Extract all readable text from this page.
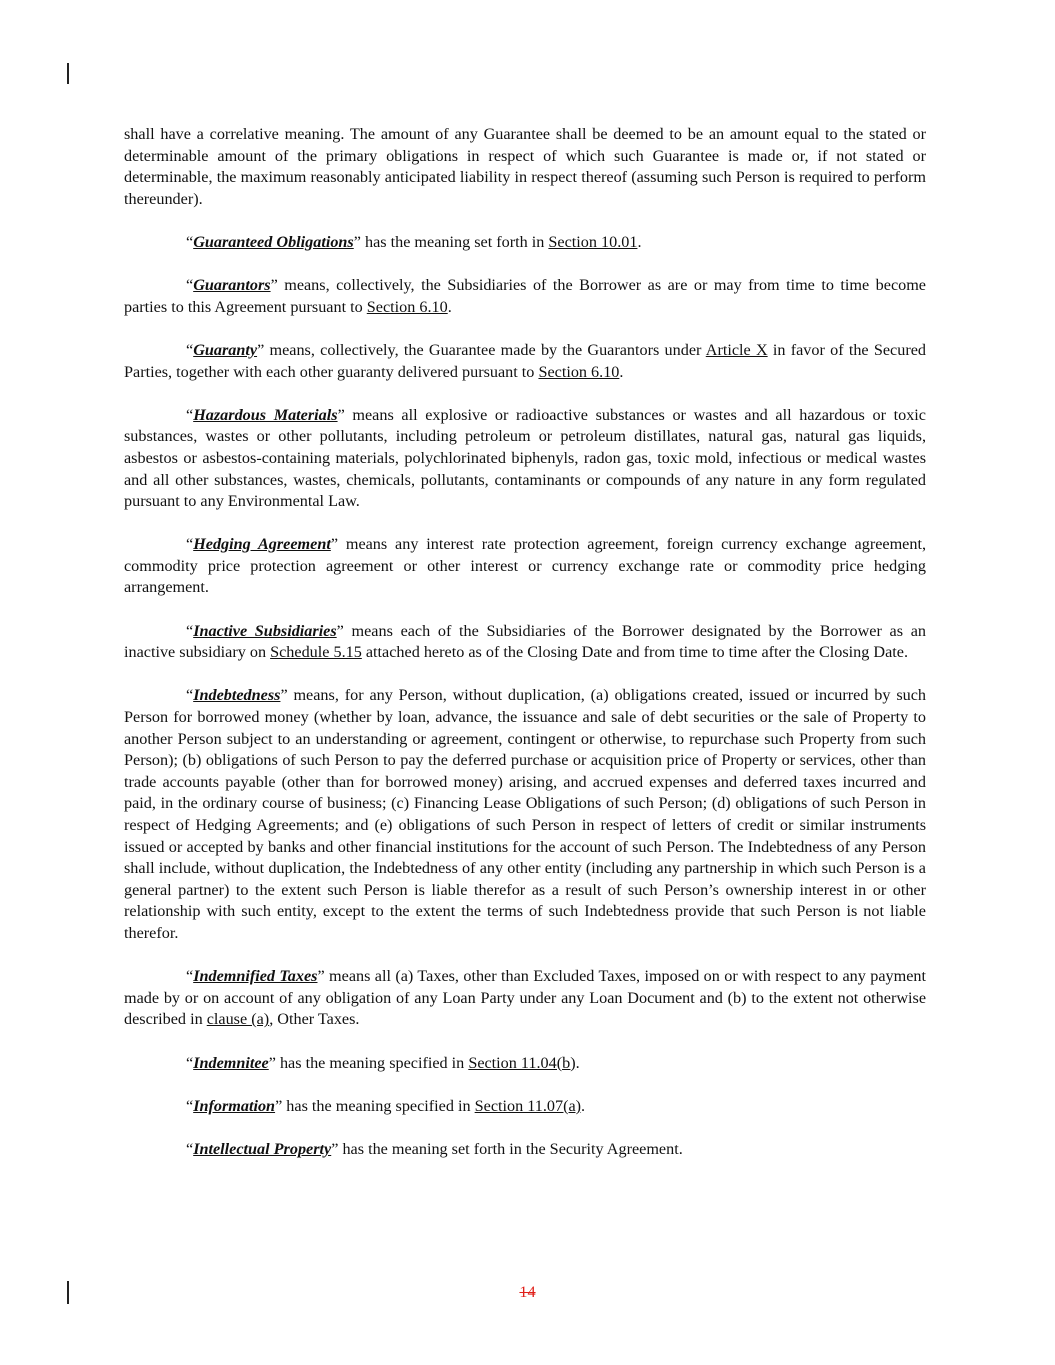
shall have a correlative meaning. The amount of any Guarantee shall be deemed to be an amount equal to the stated or determinable amount of the primary obligations in respect of which such Guarantee is made or, if not stated or determinable, the maximum reasonably anticipated liability in respect thereof (assuming such Person is required to perform thereunder).

“Guaranteed Obligations” has the meaning set forth in Section 10.01.

“Guarantors” means, collectively, the Subsidiaries of the Borrower as are or may from time to time become parties to this Agreement pursuant to Section 6.10.

“Guaranty” means, collectively, the Guarantee made by the Guarantors under Article X in favor of the Secured Parties, together with each other guaranty delivered pursuant to Section 6.10.

“Hazardous Materials” means all explosive or radioactive substances or wastes and all hazardous or toxic substances, wastes or other pollutants, including petroleum or petroleum distillates, natural gas, natural gas liquids, asbestos or asbestos-containing materials, polychlorinated biphenyls, radon gas, toxic mold, infectious or medical wastes and all other substances, wastes, chemicals, pollutants, contaminants or compounds of any nature in any form regulated pursuant to any Environmental Law.

“Hedging Agreement” means any interest rate protection agreement, foreign currency exchange agreement, commodity price protection agreement or other interest or currency exchange rate or commodity price hedging arrangement.

“Inactive Subsidiaries” means each of the Subsidiaries of the Borrower designated by the Borrower as an inactive subsidiary on Schedule 5.15 attached hereto as of the Closing Date and from time to time after the Closing Date.

“Indebtedness” means, for any Person, without duplication, (a) obligations created, issued or incurred by such Person for borrowed money (whether by loan, advance, the issuance and sale of debt securities or the sale of Property to another Person subject to an understanding or agreement, contingent or otherwise, to repurchase such Property from such Person); (b) obligations of such Person to pay the deferred purchase or acquisition price of Property or services, other than trade accounts payable (other than for borrowed money) arising, and accrued expenses and deferred taxes incurred and paid, in the ordinary course of business; (c) Financing Lease Obligations of such Person; (d) obligations of such Person in respect of Hedging Agreements; and (e) obligations of such Person in respect of letters of credit or similar instruments issued or accepted by banks and other financial institutions for the account of such Person. The Indebtedness of any Person shall include, without duplication, the Indebtedness of any other entity (including any partnership in which such Person is a general partner) to the extent such Person is liable therefor as a result of such Person’s ownership interest in or other relationship with such entity, except to the extent the terms of such Indebtedness provide that such Person is not liable therefor.

“Indemnified Taxes” means all (a) Taxes, other than Excluded Taxes, imposed on or with respect to any payment made by or on account of any obligation of any Loan Party under any Loan Document and (b) to the extent not otherwise described in clause (a), Other Taxes.

“Indemnitee” has the meaning specified in Section 11.04(b).

“Information” has the meaning specified in Section 11.07(a).

“Intellectual Property” has the meaning set forth in the Security Agreement.

14
